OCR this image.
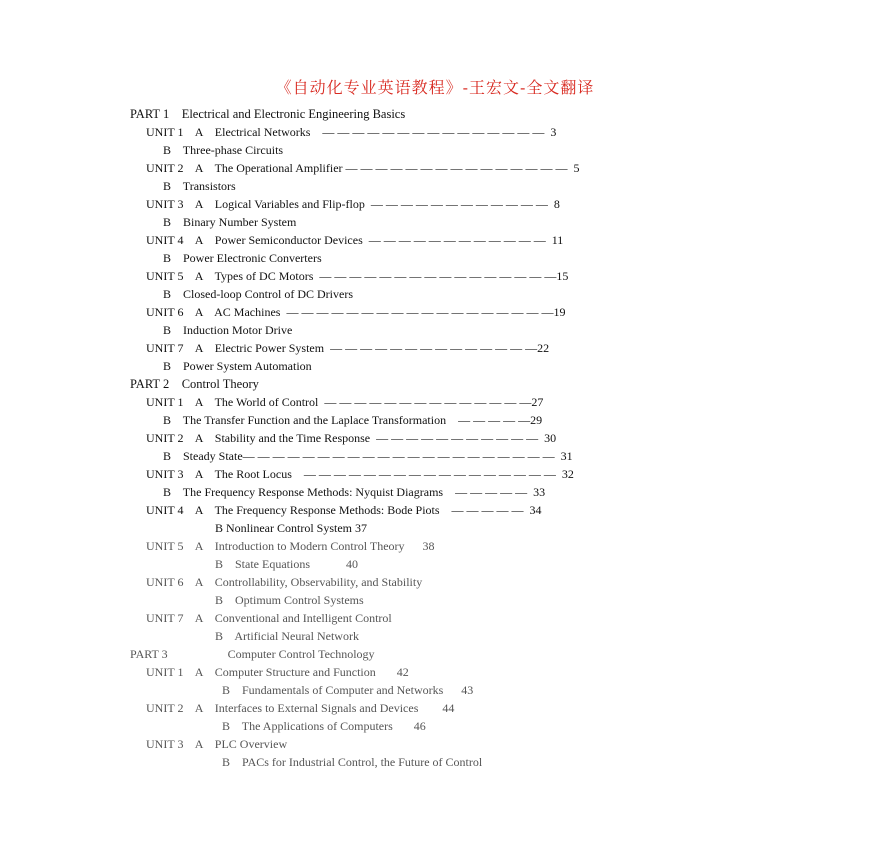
《自动化专业英语教程》-王宏文-全文翻译
PART 1    Electrical and Electronic Engineering Basics
UNIT 1    A    Electrical Networks    — — — — — — — — — — — — — — —  3
B    Three-phase Circuits
UNIT 2    A    The Operational Amplifier — — — — — — — — — — — — — — —  5
B    Transistors
UNIT 3    A    Logical Variables and Flip-flop  — — — — — — — — — — — —  8
B    Binary Number System
UNIT 4    A    Power Semiconductor Devices  — — — — — — — — — — — —  11
B    Power Electronic Converters
UNIT 5    A    Types of DC Motors  — — — — — — — — — — — — — — — —15
B    Closed-loop Control of DC Drivers
UNIT 6    A    AC Machines  — — — — — — — — — — — — — — — — — —19
B    Induction Motor Drive
UNIT 7    A    Electric Power System  — — — — — — — — — — — — — —22
B    Power System Automation
PART 2    Control Theory
UNIT 1    A    The World of Control  — — — — — — — — — — — — — —27
B    The Transfer Function and the Laplace Transformation    — — — — —29
UNIT 2    A    Stability and the Time Response  — — — — — — — — — — —  30
B    Steady State— — — — — — — — — — — — — — — — — — — — —  31
UNIT 3    A    The Root Locus    — — — — — — — — — — — — — — — — —  32
B    The Frequency Response Methods: Nyquist Diagrams    — — — — —  33
UNIT 4    A    The Frequency Response Methods: Bode Piots    — — — — —  34
B Nonlinear Control System 37
UNIT 5    A    Introduction to Modern Control Theory      38
B    State Equations            40
UNIT 6    A    Controllability, Observability, and Stability
B    Optimum Control Systems
UNIT 7    A    Conventional and Intelligent Control
B    Artificial Neural Network
PART 3                    Computer Control Technology
UNIT 1    A    Computer Structure and Function       42
B    Fundamentals of Computer and Networks      43
UNIT 2    A    Interfaces to External Signals and Devices        44
B    The Applications of Computers       46
UNIT 3    A    PLC Overview
B    PACs for Industrial Control, the Future of Control
